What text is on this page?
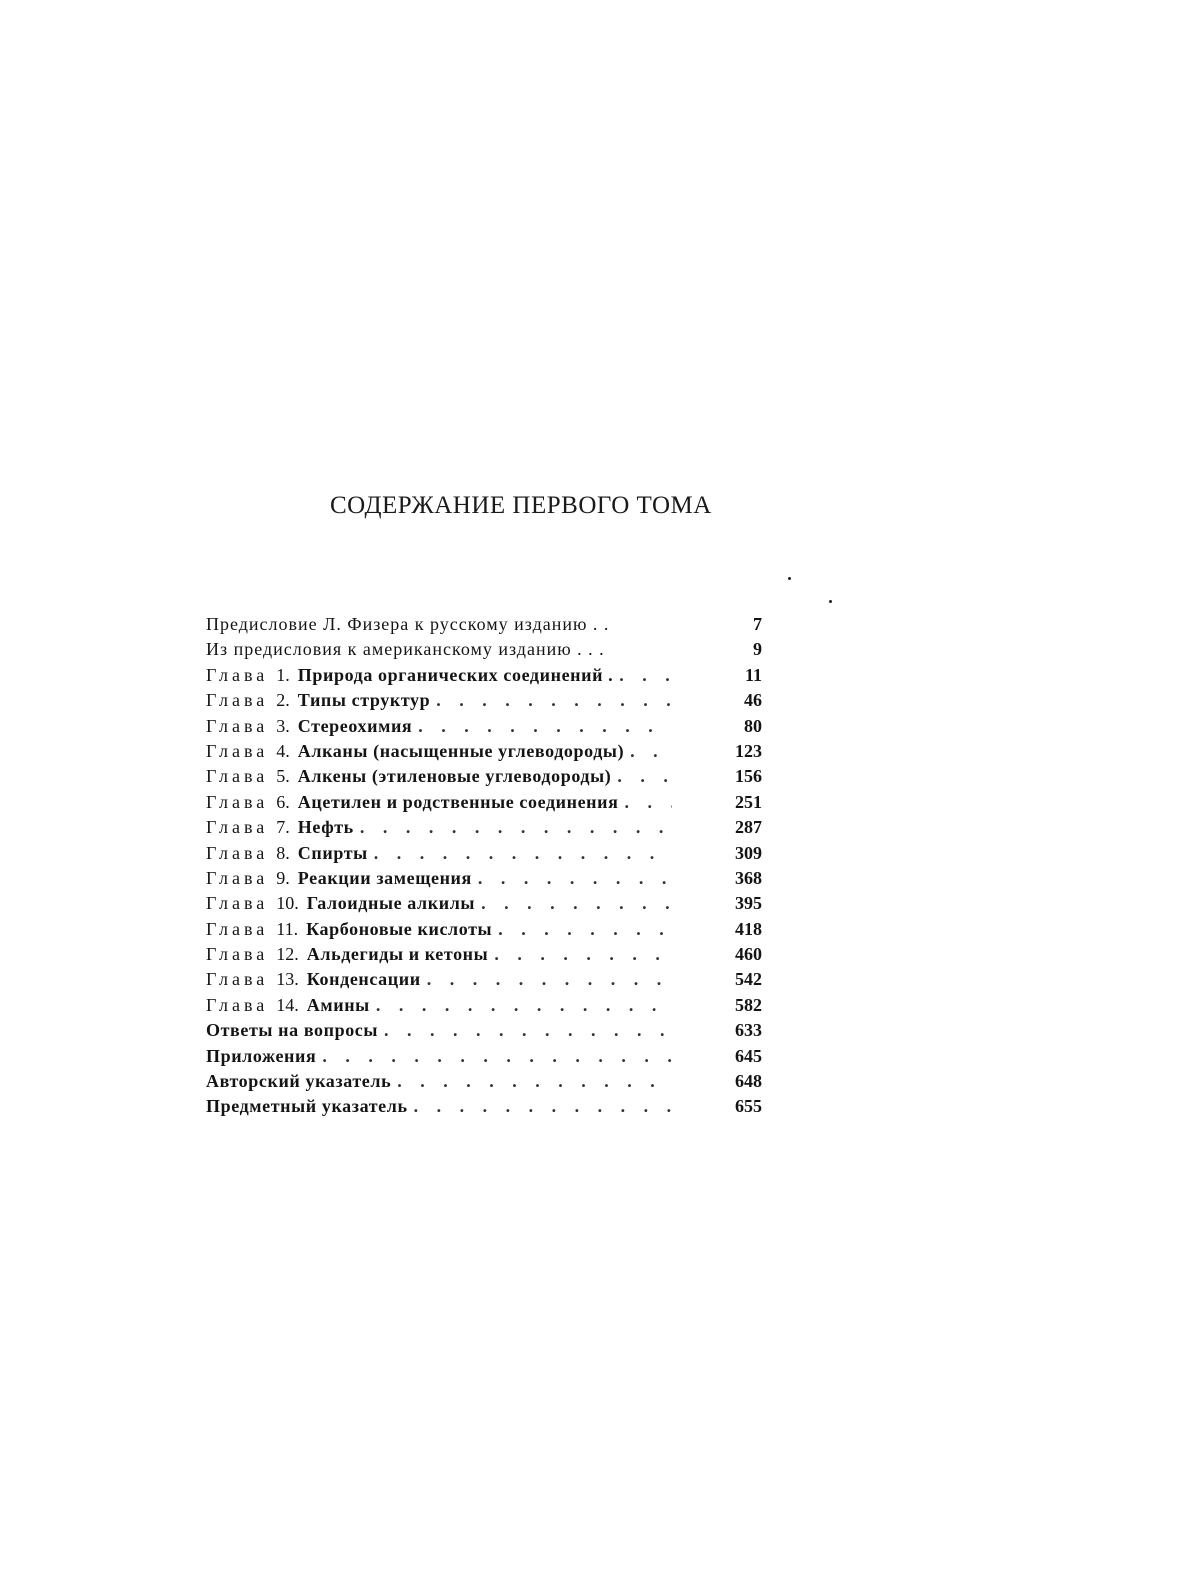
СОДЕРЖАНИЕ ПЕРВОГО ТОМА
Предисловие Л. Физера к русскому изданию . .	7
Из предисловия к американскому изданию . . .	9
Глава 1. Природа органических соединений . . . .	11
Глава 2. Типы структур . . .	46
Глава 3. Стереохимия . . .	80
Глава 4. Алканы (насыщенные углеводороды) . . .	123
Глава 5. Алкены (этиленовые углеводороды) . . .	156
Глава 6. Ацетилен и родственные соединения . . .	251
Глава 7. Нефть . . .	287
Глава 8. Спирты . . .	309
Глава 9. Реакции замещения . . .	368
Глава 10. Галоидные алкилы . . .	395
Глава 11. Карбоновые кислоты . . .	418
Глава 12. Альдегиды и кетоны . . .	460
Глава 13. Конденсации . . .	542
Глава 14. Амины . . .	582
Ответы на вопросы . . .	633
Приложения . . .	645
Авторский указатель . . .	648
Предметный указатель . . .	655
